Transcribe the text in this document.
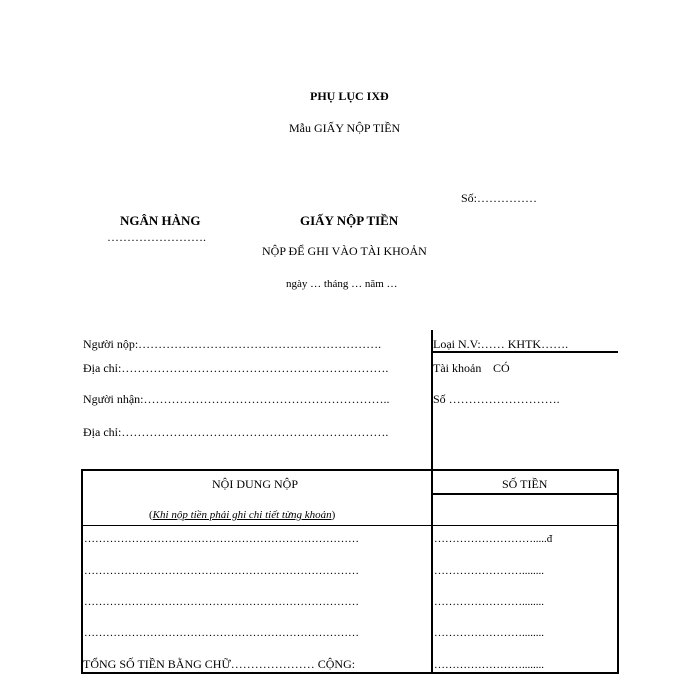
PHỤ LỤC IXĐ
Mẫu GIẤY NỘP TIỀN
Số:……………
NGÂN HÀNG
…………………….
GIẤY NỘP TIỀN
NỘP ĐỂ GHI VÀO TÀI KHOẢN
ngày … tháng … năm …
Người nộp:…………………………………………………….
Địa chỉ:………………………………………………………….
Người nhận:……………………………………………………..
Địa chỉ:………………………………………………………….
Loại N.V:…… KHTK…….
Tài khoản CÓ
Số ……………………….
NỘI DUNG NỘP	SỐ TIỀN
(Khi nộp tiền phải ghi chi tiết từng khoản)
…………………………………………………………………	……………………….....đ
…………………………………………………………………	……………………........
…………………………………………………………………	……………………........
…………………………………………………………………	……………………........
TỔNG SỐ TIỀN BẰNG CHỮ………………… CỘNG:	……………………........
